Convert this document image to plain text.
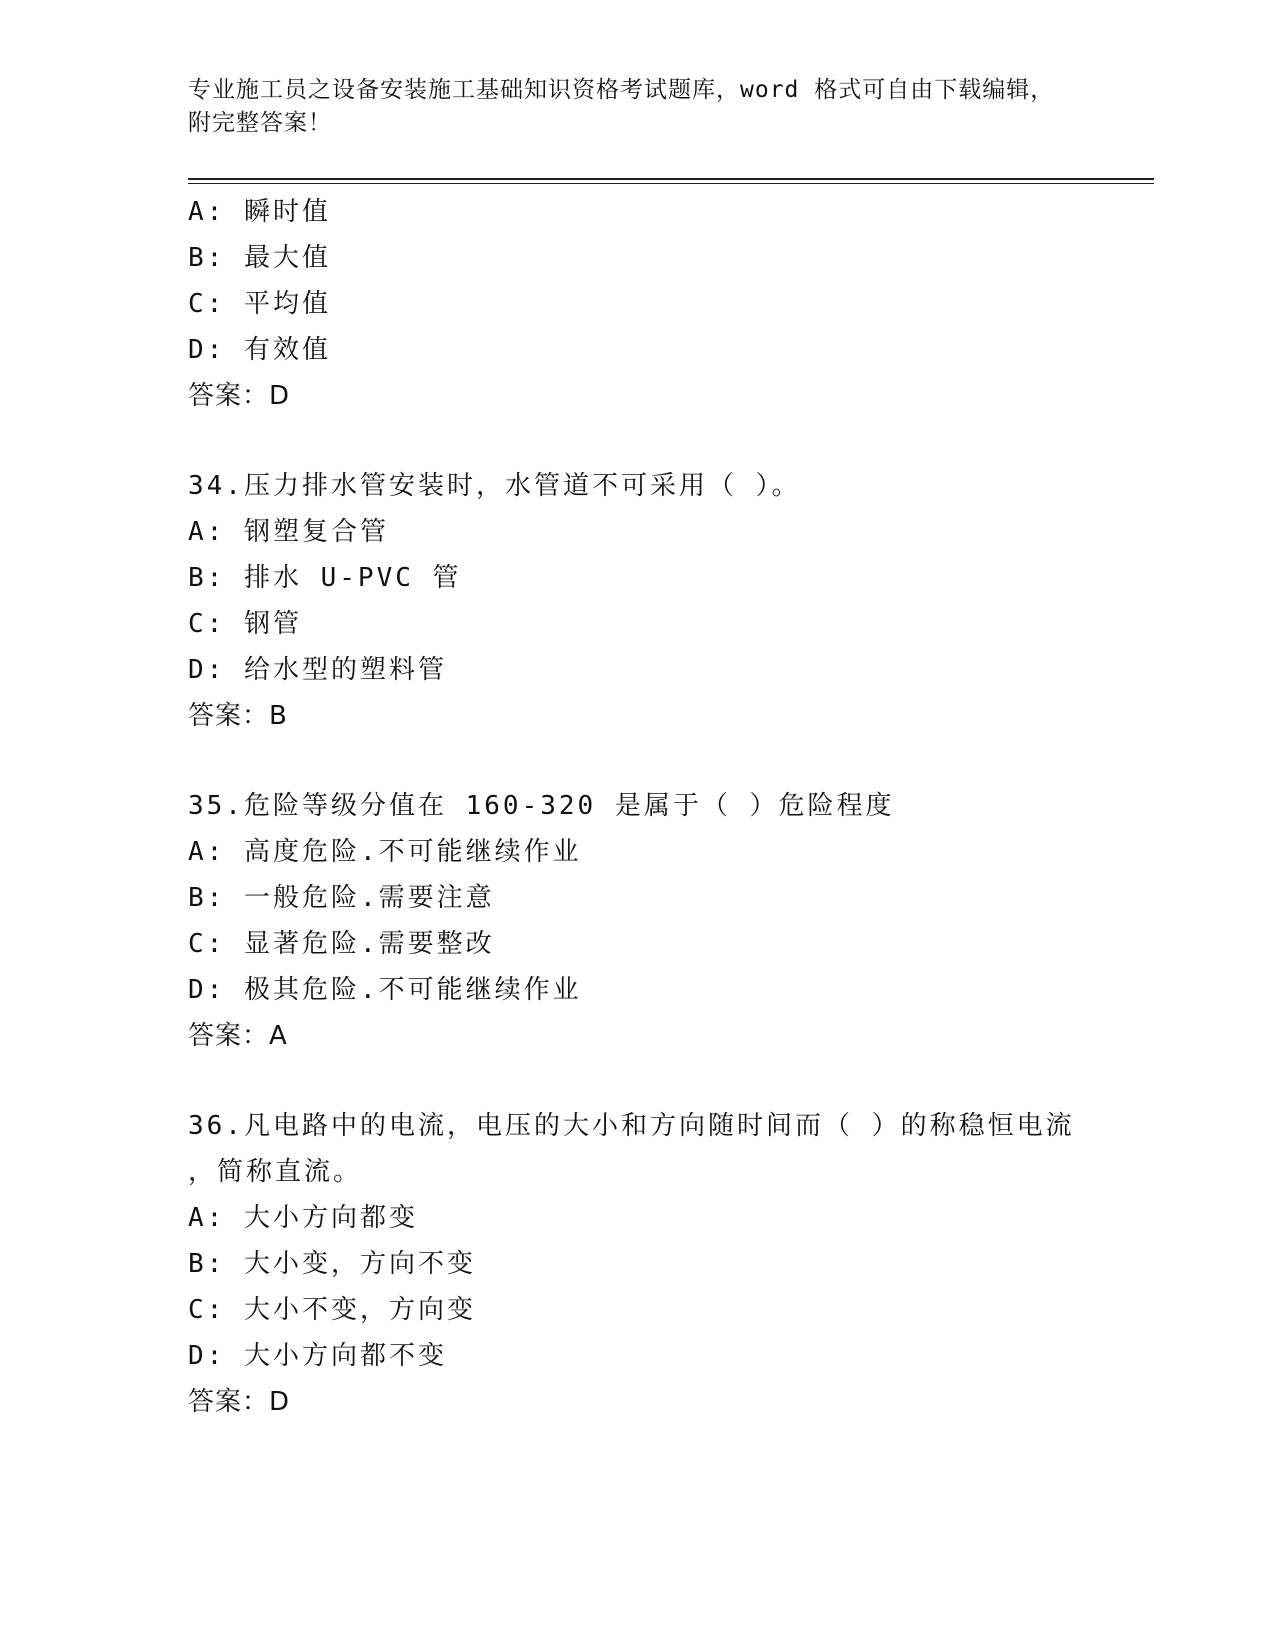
专业施工员之设备安装施工基础知识资格考试题库，word 格式可自由下载编辑，
附完整答案！
A: 瞬时值
B: 最大值
C: 平均值
D: 有效值
答案：D
34.压力排水管安装时，水管道不可采用（ ）。
A: 钢塑复合管
B: 排水 U-PVC 管
C: 钢管
D: 给水型的塑料管
答案：B
35.危险等级分值在 160-320 是属于（ ）危险程度
A: 高度危险.不可能继续作业
B: 一般危险.需要注意
C: 显著危险.需要整改
D: 极其危险.不可能继续作业
答案：A
36.凡电路中的电流，电压的大小和方向随时间而（ ）的称稳恒电流
，简称直流。
A: 大小方向都变
B: 大小变，方向不变
C: 大小不变，方向变
D: 大小方向都不变
答案：D
